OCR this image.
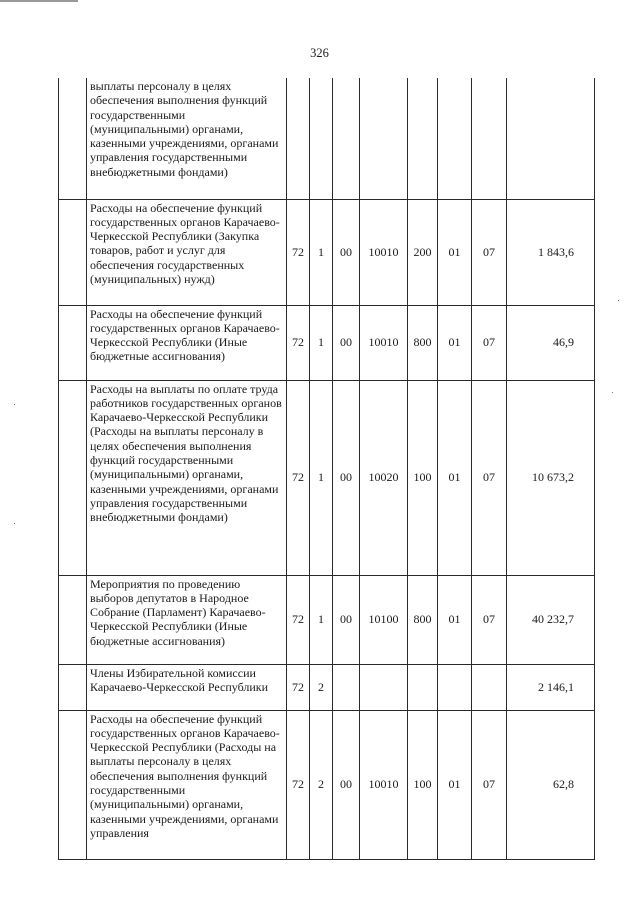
326
	выплаты персоналу в целях обеспечения выполнения функций государственными (муниципальными) органами, казенными учреждениями, органами управления государственными внебюджетными фондами)								
	Расходы на обеспечение функций государственных органов Карачаево-Черкесской Республики (Закупка товаров, работ и услуг для обеспечения государственных (муниципальных) нужд)	72	1	00	10010	200	01	07	1 843,6
	Расходы на обеспечение функций государственных органов Карачаево-Черкесской Республики (Иные бюджетные ассигнования)	72	1	00	10010	800	01	07	46,9
	Расходы на выплаты по оплате труда работников государственных органов Карачаево-Черкесской Республики (Расходы на выплаты персоналу в целях обеспечения выполнения функций государственными (муниципальными) органами, казенными учреждениями, органами управления государственными внебюджетными фондами)	72	1	00	10020	100	01	07	10 673,2
	Мероприятия по проведению выборов депутатов в Народное Собрание (Парламент) Карачаево-Черкесской Республики (Иные бюджетные ассигнования)	72	1	00	10100	800	01	07	40 232,7
	Члены Избирательной комиссии Карачаево-Черкесской Республики	72	2						2 146,1
	Расходы на обеспечение функций государственных органов Карачаево-Черкесской Республики (Расходы на выплаты персоналу в целях обеспечения выполнения функций государственными (муниципальными) органами, казенными учреждениями, органами управления	72	2	00	10010	100	01	07	62,8
